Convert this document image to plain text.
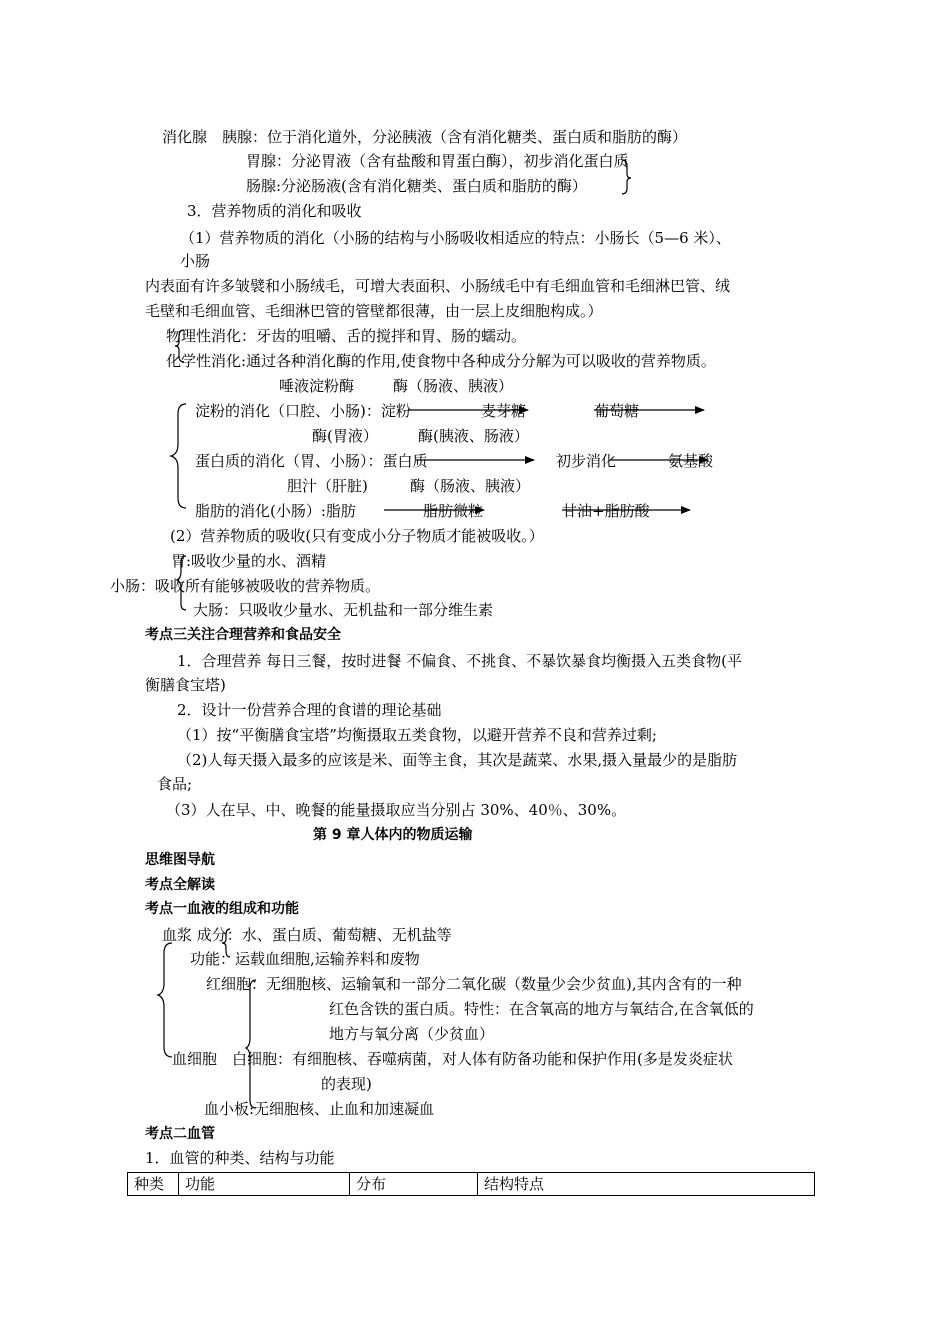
消化腺　胰腺：位于消化道外，分泌胰液（含有消化糖类、蛋白质和脂肪的酶）
胃腺：分泌胃液（含有盐酸和胃蛋白酶），初步消化蛋白质
肠腺:分泌肠液(含有消化糖类、蛋白质和脂肪的酶）
3．营养物质的消化和吸收
（1）营养物质的消化（小肠的结构与小肠吸收相适应的特点：小肠长（5—6 米）、
小肠
内表面有许多皱襞和小肠绒毛，可增大表面积、小肠绒毛中有毛细血管和毛细淋巴管、绒
毛壁和毛细血管、毛细淋巴管的管壁都很薄，由一层上皮细胞构成。）
物理性消化：牙齿的咀嚼、舌的搅拌和胃、肠的蠕动。
化学性消化:通过各种消化酶的作用,使食物中各种成分分解为可以吸收的营养物质。
唾液淀粉酶	酶（肠液、胰液）
淀粉的消化（口腔、小肠)：淀粉	麦芽糖	葡萄糖
酶(胃液）	酶(胰液、肠液）
蛋白质的消化（胃、小肠）：蛋白质	初步消化	氨基酸
胆汁（肝脏)	酶（肠液、胰液）
脂肪的消化(小肠）:脂肪	脂肪微粒	甘油+脂肪酸
(2）营养物质的吸收(只有变成小分子物质才能被吸收。）
胃:吸收少量的水、酒精
小肠：吸收所有能够被吸收的营养物质。
大肠：只吸收少量水、无机盐和一部分维生素
考点三关注合理营养和食品安全
1．合理营养 每日三餐，按时进餐 不偏食、不挑食、不暴饮暴食均衡摄入五类食物(平
衡膳食宝塔)
2．设计一份营养合理的食谱的理论基础
（1）按“平衡膳食宝塔”均衡摄取五类食物，以避开营养不良和营养过剩;
（2)人每天摄入最多的应该是米、面等主食，其次是蔬菜、水果,摄入量最少的是脂肪
食品;
（3）人在早、中、晚餐的能量摄取应当分别占 30%、40％、30%。
第 9 章人体内的物质运输
思维图导航
考点全解读
考点一血液的组成和功能
血浆 成分：水、蛋白质、葡萄糖、无机盐等
功能：运载血细胞,运输养料和废物
红细胞：无细胞核、运输氧和一部分二氧化碳（数量少会少贫血),其内含有的一种
红色含铁的蛋白质。特性：在含氧高的地方与氧结合,在含氧低的
地方与氧分离（少贫血）
血细胞　白细胞：有细胞核、吞噬病菌，对人体有防备功能和保护作用(多是发炎症状
的表现)
血小板:无细胞核、止血和加速凝血
考点二血管
1．血管的种类、结构与功能
种类	功能	分布	结构特点
